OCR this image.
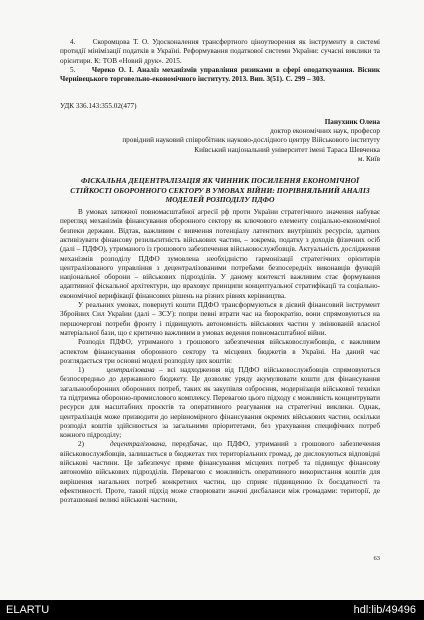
4. Скоромцова Т. О. Удосконалення трансфертного ціноутворення як інструменту в системі протидії мінімізації податків в Україні. Реформування податкової системи України: сучасні виклики та орієнтири. К: ТОВ «Новий друк». 2015.

5. Череко О. І. Аналіз механізмів управління ризиками в сфері оподаткування. Вісник Чернівецького торговельно-економічного інституту. 2013. Вип. 3(51). С. 299 – 303.

УДК 336.143:355.02(477)
Панухник Олена
доктор економічних наук, професор
провідний науковий співробітник науково-дослідного центру Військового інституту
Київський національний університет імені Тараса Шевченка
м. Київ
ФІСКАЛЬНА ДЕЦЕНТРАЛІЗАЦІЯ ЯК ЧИННИК ПОСИЛЕННЯ ЕКОНОМІЧНОЇ СТІЙКОСТІ ОБОРОННОГО СЕКТОРУ В УМОВАХ ВІЙНИ: ПОРІВНЯЛЬНИЙ АНАЛІЗ МОДЕЛЕЙ РОЗПОДІЛУ ПДФО

В умовах затяжної повномасштабної агресії рф проти України стратегічного значення набуває перегляд механізмів фінансування оборонного сектору як ключового елементу соціально-економічної безпеки держави. Відтак, важливим є вивчення потенціалу латентних внутрішніх ресурсів, здатних активізувати фінансову резильєнтність військових частин, – зокрема, податку з доходів фізичних осіб (далі – ПДФО), утриманого із грошового забезпечення військовослужбовців. Актуальність дослідження механізмів розподілу ПДФО зумовлена необхідністю гармонізації стратегічних орієнтирів централізованого управління з децентралізованими потребами безпосередніх виконавців функцій національної оборони – військових підрозділів. У даному контексті важливим стає формування адаптивної фіскальної архітектури, що враховує принципи концептуальної стратифікації та соціально-економічної верифікації фінансових рішень на різних рівнях керівництва.

У реальних умовах, повернуті кошти ПДФО трансформуються в дієвий фінансовий інструмент Збройних Сил України (далі – ЗСУ): попри певні втрати час на бюрократію, вони спрямовуються на першочергові потреби фронту і підвищують автономність військових частин у змінюваній власної матеріальної бази, що є критично важливим в умовах ведення повномасштабної війни.

Розподіл ПДФО, утриманого з грошового забезпечення військовослужбовців, є важливим аспектом фінансування оборонного сектору та місцевих бюджетів в Україні. На даний час розглядається три основні моделі розподілу цих коштів:

1)	централізована – всі надходження від ПДФО військовослужбовців спрямовуються безпосередньо до державного бюджету. Це дозволяє уряду акумулювати кошти для фінансування загальнооборонних оборонних потреб, таких як закупівля озброєння, модернізація військової техніки та підтримка оборонно-промислового комплексу. Перевагою цього підходу є можливість концентрувати ресурси для масштабних проєктів та оперативного реагування на стратегічні виклики. Однак, централізація може призводити до нерівномірного фінансування окремих військових частин, оскільки розподіл коштів здійснюється за загальними пріоритетами, без урахування специфічних потреб кожного підрозділу;

2)	децентралізована, передбачає, що ПДФО, утриманий з грошового забезпечення військовослужбовців, залишається в бюджетах тих територіальних громад, де дислокуються відповідні військові частини. Це забезпечує пряме фінансування місцевих потреб та підвищує фінансову автономію військових підрозділів. Перевагою є можливість оперативного використання коштів для вирішення нагальних потреб конкретних частин, що сприяє підвищенню їх боєздатності та ефективності. Проте, такий підхід може створювати значні дисбаланси між громадами: території, де розташовані великі військові частини,

63
ELARTU	hdl:lib/49496
